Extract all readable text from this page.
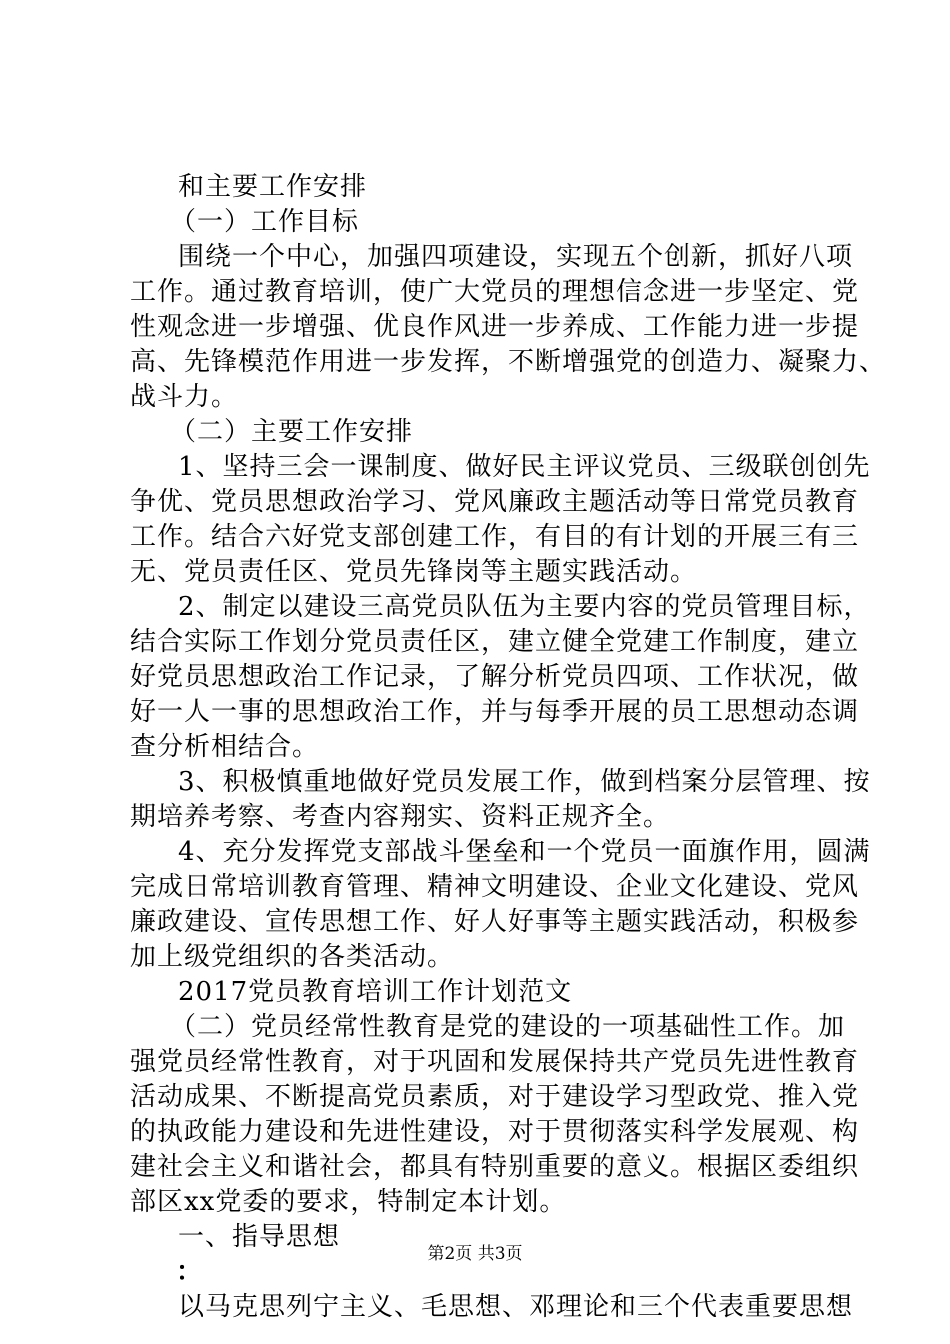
和主要工作安排
（一）工作目标
围绕一个中心，加强四项建设，实现五个创新，抓好八项
工作。通过教育培训，使广大党员的理想信念进一步坚定、党
性观念进一步增强、优良作风进一步养成、工作能力进一步提
高、先锋模范作用进一步发挥，不断增强党的创造力、凝聚力、
战斗力。
（二）主要工作安排
1、坚持三会一课制度、做好民主评议党员、三级联创创先
争优、党员思想政治学习、党风廉政主题活动等日常党员教育
工作。结合六好党支部创建工作，有目的有计划的开展三有三
无、党员责任区、党员先锋岗等主题实践活动。
2、制定以建设三高党员队伍为主要内容的党员管理目标，
结合实际工作划分党员责任区，建立健全党建工作制度，建立
好党员思想政治工作记录，了解分析党员四项、工作状况，做
好一人一事的思想政治工作，并与每季开展的员工思想动态调
查分析相结合。
3、积极慎重地做好党员发展工作，做到档案分层管理、按
期培养考察、考查内容翔实、资料正规齐全。
4、充分发挥党支部战斗堡垒和一个党员一面旗作用，圆满
完成日常培训教育管理、精神文明建设、企业文化建设、党风
廉政建设、宣传思想工作、好人好事等主题实践活动，积极参
加上级党组织的各类活动。
2017党员教育培训工作计划范文
（二）党员经常性教育是党的建设的一项基础性工作。加
强党员经常性教育，对于巩固和发展保持共产党员先进性教育
活动成果、不断提高党员素质，对于建设学习型政党、推入党
的执政能力建设和先进性建设，对于贯彻落实科学发展观、构
建社会主义和谐社会，都具有特别重要的意义。根据区委组织
部区xx党委的要求，特制定本计划。
一、指导思想
：
以马克思列宁主义、毛思想、邓理论和三个代表重要思想
第2页 共3页
